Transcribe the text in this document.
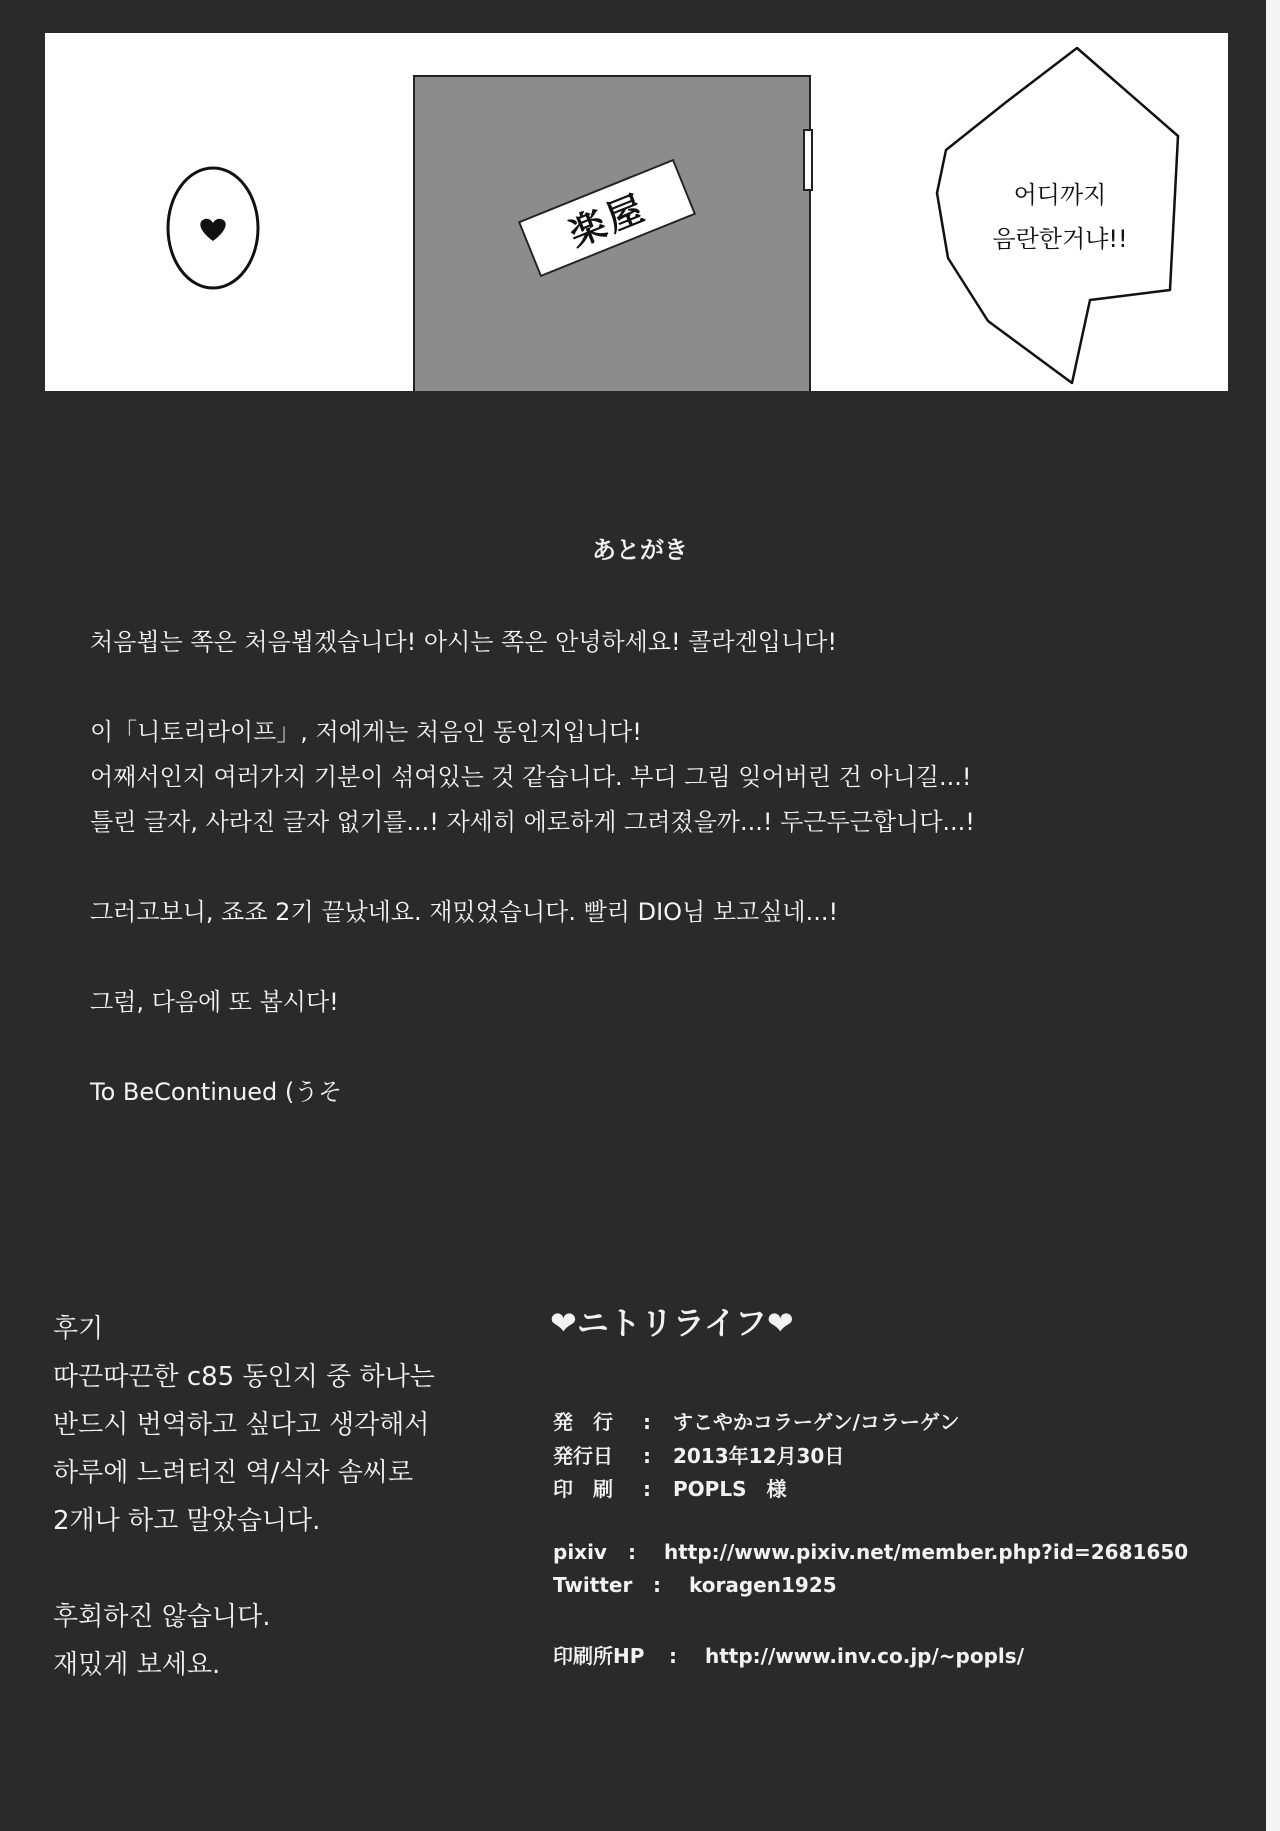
楽屋	어디까지
음란한거냐!!
あとがき

처음뵙는 쪽은 처음뵙겠습니다! 아시는 쪽은 안녕하세요! 콜라겐입니다!

이「니토리라이프」, 저에게는 처음인 동인지입니다!

어째서인지 여러가지 기분이 섞여있는 것 같습니다. 부디 그림 잊어버린 건 아니길...!

틀린 글자, 사라진 글자 없기를...! 자세히 에로하게 그려졌을까...! 두근두근합니다...!

그러고보니, 죠죠 2기 끝났네요. 재밌었습니다. 빨리 DIO님 보고싶네...!

그럼, 다음에 또 봅시다!

To BeContinued (うそ

후기

따끈따끈한 c85 동인지 중 하나는

반드시 번역하고 싶다고 생각해서

하루에 느려터진 역/식자 솜씨로

2개나 하고 말았습니다.

후회하진 않습니다.

재밌게 보세요.

❤ニトリライフ❤
発　行 : すこやかコラーゲン/コラーゲン
発行日 : 2013年12月30日
印　刷 : POPLS　様
pixiv : http://www.pixiv.net/member.php?id=2681650
Twitter : koragen1925
印刷所HP : http://www.inv.co.jp/~popls/
